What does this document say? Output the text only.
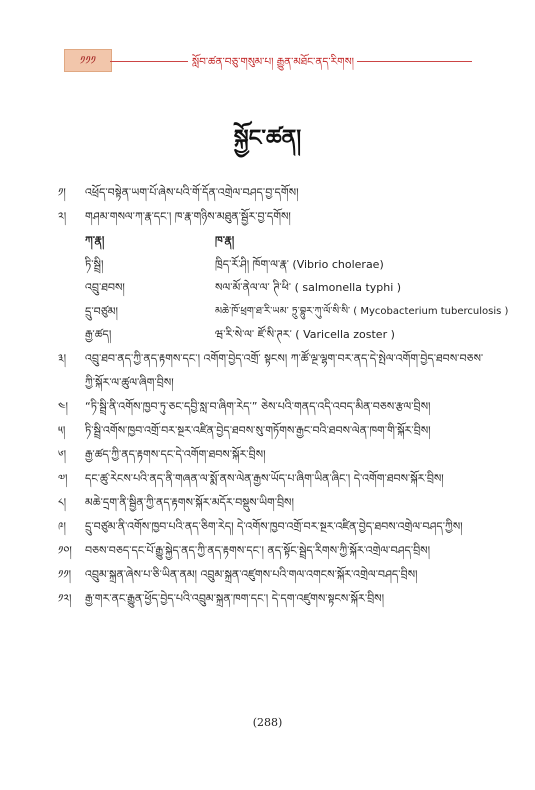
༡༡༡	སློབ་ཚན་བཅུ་གསུམ་པ། རྒྱུན་མཐོང་ནད་རིགས།
སྐྱོང་ཚན།
༡།	འཕྲོད་བསྟེན་ཡག་པོ་ཞེས་པའི་གོ་དོན་འགྲེལ་བཤད་བྱ་དགོས།
༢།	གཤམ་གསལ་ཀ་རྣ་དང་། ཁ་རྣ་གཉིས་མཐུན་སྦྱོར་བྱ་དགོས།
ཀ་རྣ།	ཁ་རྣ།
ཏི་སྦྲི།	ཁྲིད་རོ་ཤི། ཁོག་ལ་རྣ་ (Vibrio cholerae)
འབྲུ་ཐབས།	སལ་མོ་ནེལ་ལ་ ཊི་ཕི་ ( salmonella typhi )
དྲུ་བཙུམ།	མཆེ་ཁོ་ཕྲག་ཐ་རི་ཡམ་ ཏྲུ་བྷུར་ཀུ་ལོ་སི་སི་ ( Mycobacterium tuberculosis )
རྒྱ་ཚད།	ཝ་རི་སེ་ལ་ ཛོ་སི་ཊར་ ( Varicella zoster )
༣།	འབྲུ་ཐབ་ནད་ཀྱི་ནད་རྟགས་དང་། འགོག་བྱེད་འགྲོ་ སྟངས། ཀ་ཚོ་ལྔ་ལྷག་བར་ནད་དེ་སྤེལ་འགོག་བྱེད་ཐབས་བཅས་ཀྱི་སྐོར་ལ་ཚུལ་ཞིག་བྲིས།
༤།	“ཏི་སྦྲི་ནི་འགོས་ཁྱབ་ཏུ་ཅང་དབྱི་སླ་བ་ཞིག་རེད་” ཅེས་པའི་གནད་འདི་འབད་མིན་བཅས་རྩལ་བྲིས།
༥།	ཏི་སྦྲི་འགོས་ཁྱབ་འགྲོ་བར་སྔར་འཛིན་བྱེད་ཐབས་སུ་གཏོགས་རྒྱང་བའི་ཐབས་ལེན་ཁག་གི་སྐོར་བྲིས།
༦།	རྒྱ་ཚད་ཀྱི་ནད་རྟགས་དང་དེ་འགོག་ཐབས་སྐོར་བྲིས།
༧།	དང་ཚུ་རེངས་པའི་ནད་ནི་གཞན་ལ་སྨོ་ནས་ལེན་རྒྱས་ཡོད་པ་ཞིག་ཡིན་ཞིང་། དེ་འགོག་ཐབས་སྐོར་བྲིས།
༨།	མཆེ་དྲག་ནི་སྦྱིན་ཀྱི་ནད་རྟགས་སྐོར་མདོར་བསྡུས་ཡིག་བྲིས།
༩།	དྲུ་བཙུམ་ནི་འགོས་ཁྱབ་པའི་ནད་ཅིག་རེད། དེ་འགོས་ཁྱབ་འགྲོ་བར་སྔར་འཛིན་བྱེད་ཐབས་འགྲེལ་བཤད་ཀྱིས།
༡༠།	བཅས་བཅད་དང་པོ་རྒྱུ་སྐྱེད་ནད་ཀྱི་ནད་རྟགས་དང་། ནད་སྟོང་སྦྲེད་རིགས་ཀྱི་སྐོར་འགྲེལ་བཤད་བྲིས།
༡༡།	འབྲུམ་སྐྲན་ཞེས་པ་ཅི་ཡིན་ནམ། འབྲུམ་སྐྲན་འཛུགས་པའི་གལ་འགངས་སྐོར་འགྲེལ་བཤད་བྲིས།
༡༢།	རྒྱ་གར་ནང་རྒྱུན་ཕྱོད་བྱེད་པའི་འབྲུམ་སྐྲན་ཁག་དང་། དེ་དག་འཛུགས་སྟངས་སྐོར་བྲིས།
(288)
